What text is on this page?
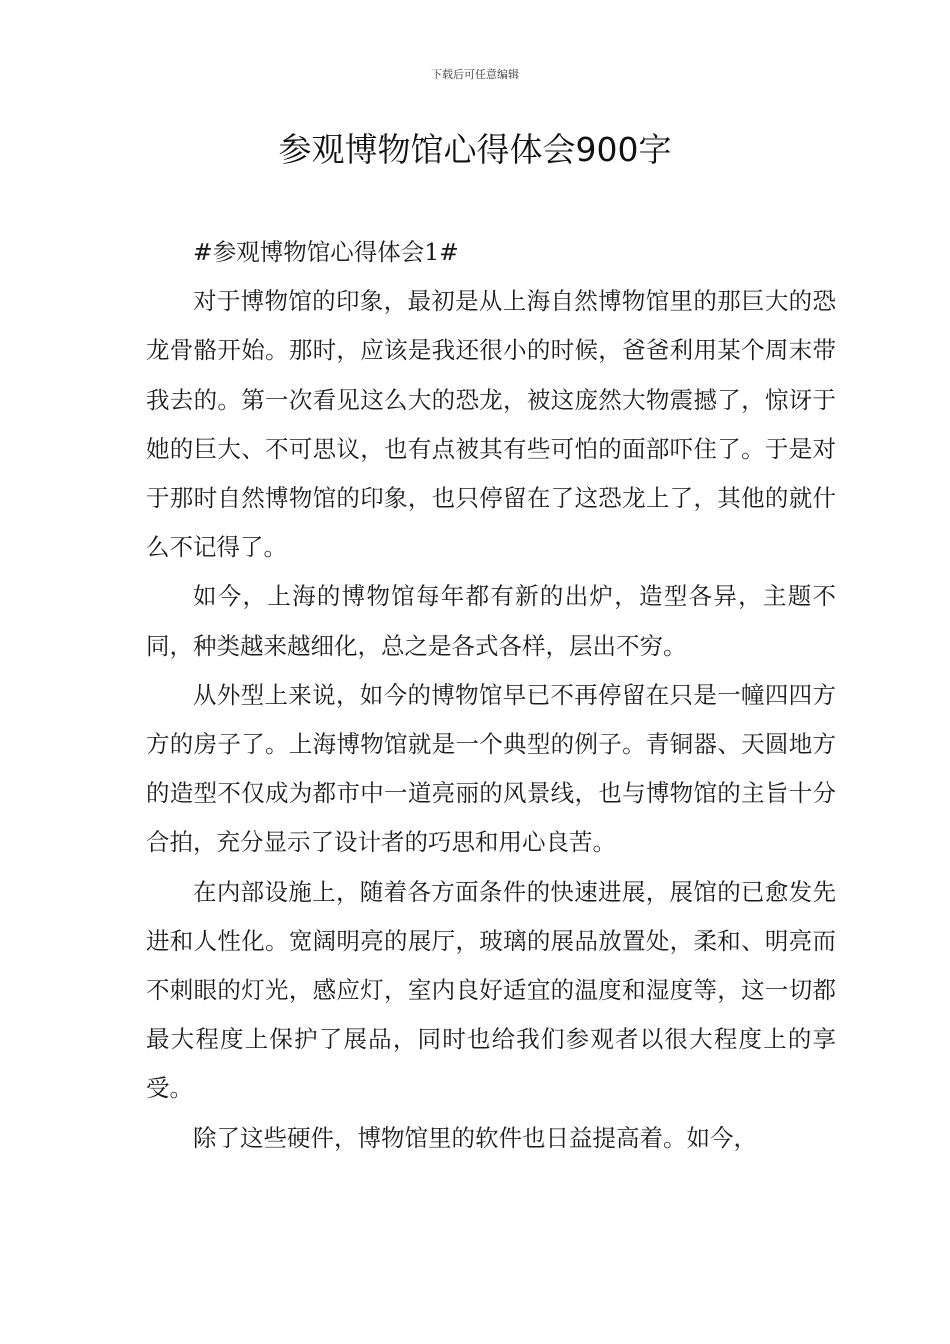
下载后可任意编辑
参观博物馆心得体会900字

#参观博物馆心得体会1#

对于博物馆的印象，最初是从上海自然博物馆里的那巨大的恐龙骨骼开始。那时，应该是我还很小的时候，爸爸利用某个周末带我去的。第一次看见这么大的恐龙，被这庞然大物震撼了，惊讶于她的巨大、不可思议，也有点被其有些可怕的面部吓住了。于是对于那时自然博物馆的印象，也只停留在了这恐龙上了，其他的就什么不记得了。

如今，上海的博物馆每年都有新的出炉，造型各异，主题不同，种类越来越细化，总之是各式各样，层出不穷。

从外型上来说，如今的博物馆早已不再停留在只是一幢四四方方的房子了。上海博物馆就是一个典型的例子。青铜器、天圆地方的造型不仅成为都市中一道亮丽的风景线，也与博物馆的主旨十分合拍，充分显示了设计者的巧思和用心良苦。

在内部设施上，随着各方面条件的快速进展，展馆的已愈发先进和人性化。宽阔明亮的展厅，玻璃的展品放置处，柔和、明亮而不刺眼的灯光，感应灯，室内良好适宜的温度和湿度等，这一切都最大程度上保护了展品，同时也给我们参观者以很大程度上的享受。

除了这些硬件，博物馆里的软件也日益提高着。如今，
